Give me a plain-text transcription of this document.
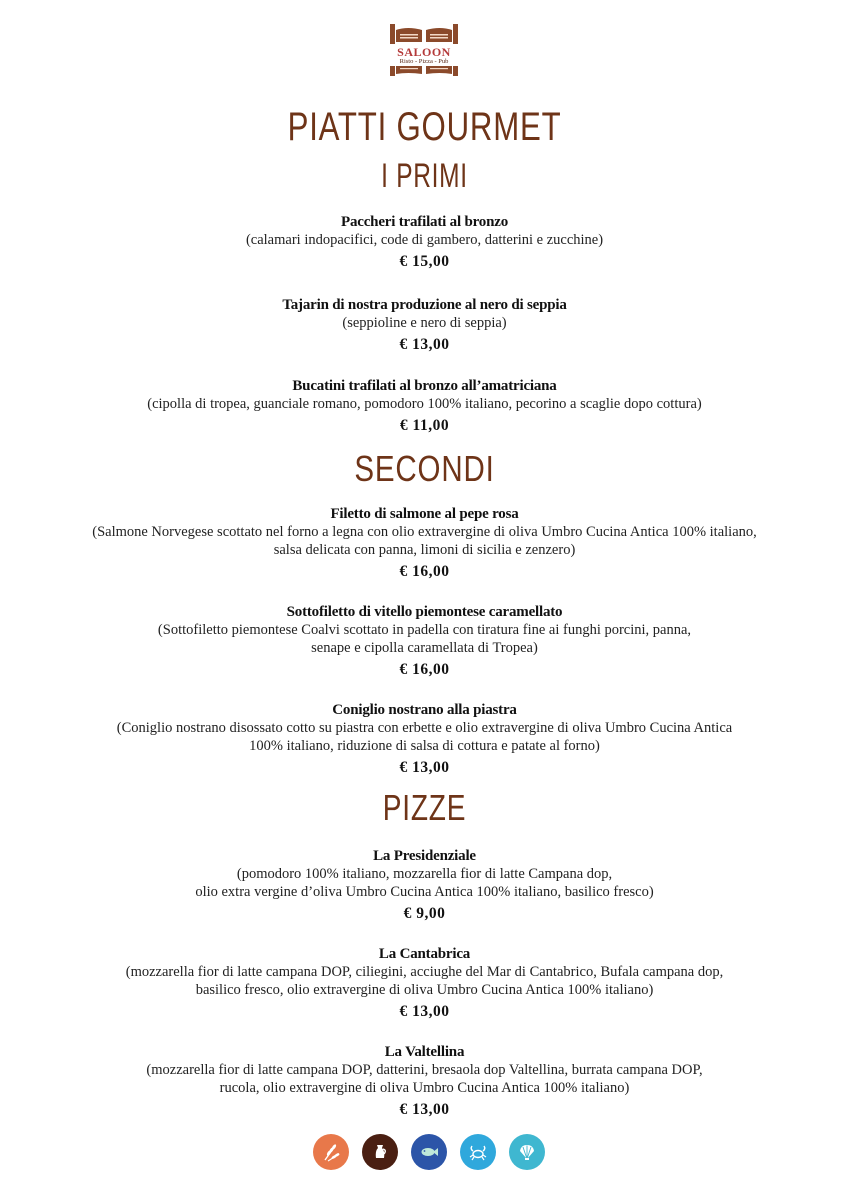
SALOON
Risto - Pizza - Pub
PIATTI GOURMET
I PRIMI
Paccheri trafilati al bronzo
(calamari indopacifici, code di gambero, datterini e zucchine)
€ 15,00
Tajarin di nostra produzione al nero di seppia
(seppioline e nero di seppia)
€ 13,00
Bucatini trafilati al bronzo all’amatriciana
(cipolla di tropea, guanciale romano, pomodoro 100% italiano, pecorino a scaglie dopo cottura)
€ 11,00
SECONDI
Filetto di salmone al pepe rosa
(Salmone Norvegese scottato nel forno a legna con olio extravergine di oliva Umbro Cucina Antica 100% italiano,
salsa delicata con panna, limoni di sicilia e zenzero)
€ 16,00
Sottofiletto di vitello piemontese caramellato
(Sottofiletto piemontese Coalvi scottato in padella con tiratura fine ai funghi porcini, panna,
senape e cipolla caramellata di Tropea)
€ 16,00
Coniglio nostrano alla piastra
(Coniglio nostrano disossato cotto su piastra con erbette e olio extravergine di oliva Umbro Cucina Antica
100% italiano, riduzione di salsa di cottura e patate al forno)
€ 13,00
PIZZE
La Presidenziale
(pomodoro 100% italiano, mozzarella fior di latte Campana dop,
olio extra vergine d’oliva Umbro Cucina Antica 100% italiano, basilico fresco)
€ 9,00
La Cantabrica
(mozzarella fior di latte campana DOP, ciliegini, acciughe del Mar di Cantabrico, Bufala campana dop,
basilico fresco, olio extravergine di oliva Umbro Cucina Antica 100% italiano)
€ 13,00
La Valtellina
(mozzarella fior di latte campana DOP, datterini, bresaola dop Valtellina, burrata campana DOP,
rucola, olio extravergine di oliva Umbro Cucina Antica 100% italiano)
€ 13,00
